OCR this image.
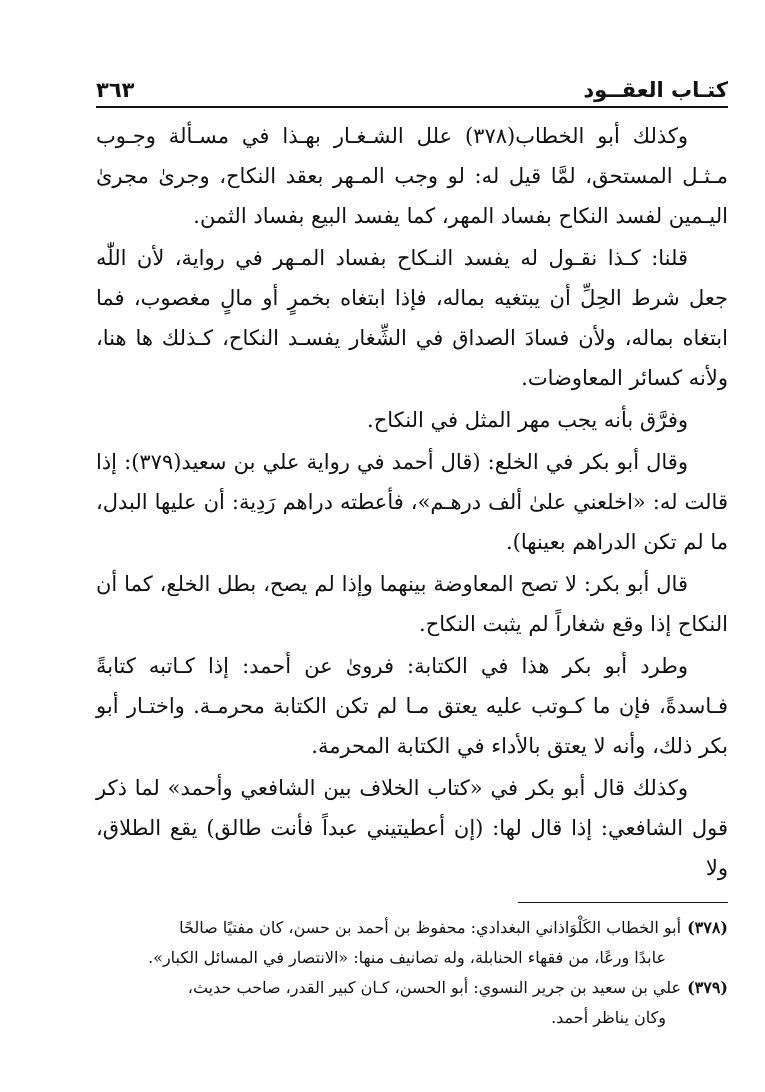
كتـاب العقــود
٣٦٣

وكذلك أبو الخطاب(٣٧٨) علل الشـغـار بهـذا في مسـألة وجـوب مـثـل المستحق، لمَّا قيل له: لو وجب المـهر بعقد النكاح، وجرىٰ مجرىٰ اليـمين لفسد النكاح بفساد المهر، كما يفسد البيع بفساد الثمن.

قلنا: كـذا نقـول له يفسد النـكاح بفساد المـهر في رواية، لأن اللّٰه جعل شرط الحِلِّ أن يبتغيه بماله، فإذا ابتغاه بخمرٍ أو مالٍ مغصوب، فما ابتغاه بماله، ولأن فسادَ الصداق في الشِّغار يفسـد النكاح، كـذلك ها هنا، ولأنه كسائر المعاوضات.

وفرَّق بأنه يجب مهر المثل في النكاح.

وقال أبو بكر في الخلع: (قال أحمد في رواية علي بن سعيد(٣٧٩): إذا قالت له: «اخلعني علىٰ ألف درهـم»، فأعطته دراهم رَدِية: أن عليها البدل، ما لم تكن الدراهم بعينها).

قال أبو بكر: لا تصح المعاوضة بينهما وإذا لم يصح، بطل الخلع، كما أن النكاح إذا وقع شغاراً لم يثبت النكاح.

وطرد أبو بكر هذا في الكتابة: فروىٰ عن أحمد: إذا كـاتبه كتابةً فـاسدةً، فإن ما كـوتب عليه يعتق مـا لم تكن الكتابة محرمـة. واختـار أبو بكر ذلك، وأنه لا يعتق بالأداء في الكتابة المحرمة.

وكذلك قال أبو بكر في «كتاب الخلاف بين الشافعي وأحمد» لما ذكر قول الشافعي: إذا قال لها: (إن أعطيتيني عبداً فأنت طالق) يقع الطلاق، ولا

(٣٧٨)أبو الخطاب الكَلْوَاذاني البغدادي: محفوظ بن أحمد بن حسن، كان مفتيًا صالحًا

عابدًا ورعًا، من فقهاء الحنابلة، وله تصانيف منها: «الانتصار في المسائل الكبار».

(٣٧٩)علي بن سعيد بن جرير النسوي: أبو الحسن، كـان كبير القدر، صاحب حديث،

وكان يناظر أحمد.
